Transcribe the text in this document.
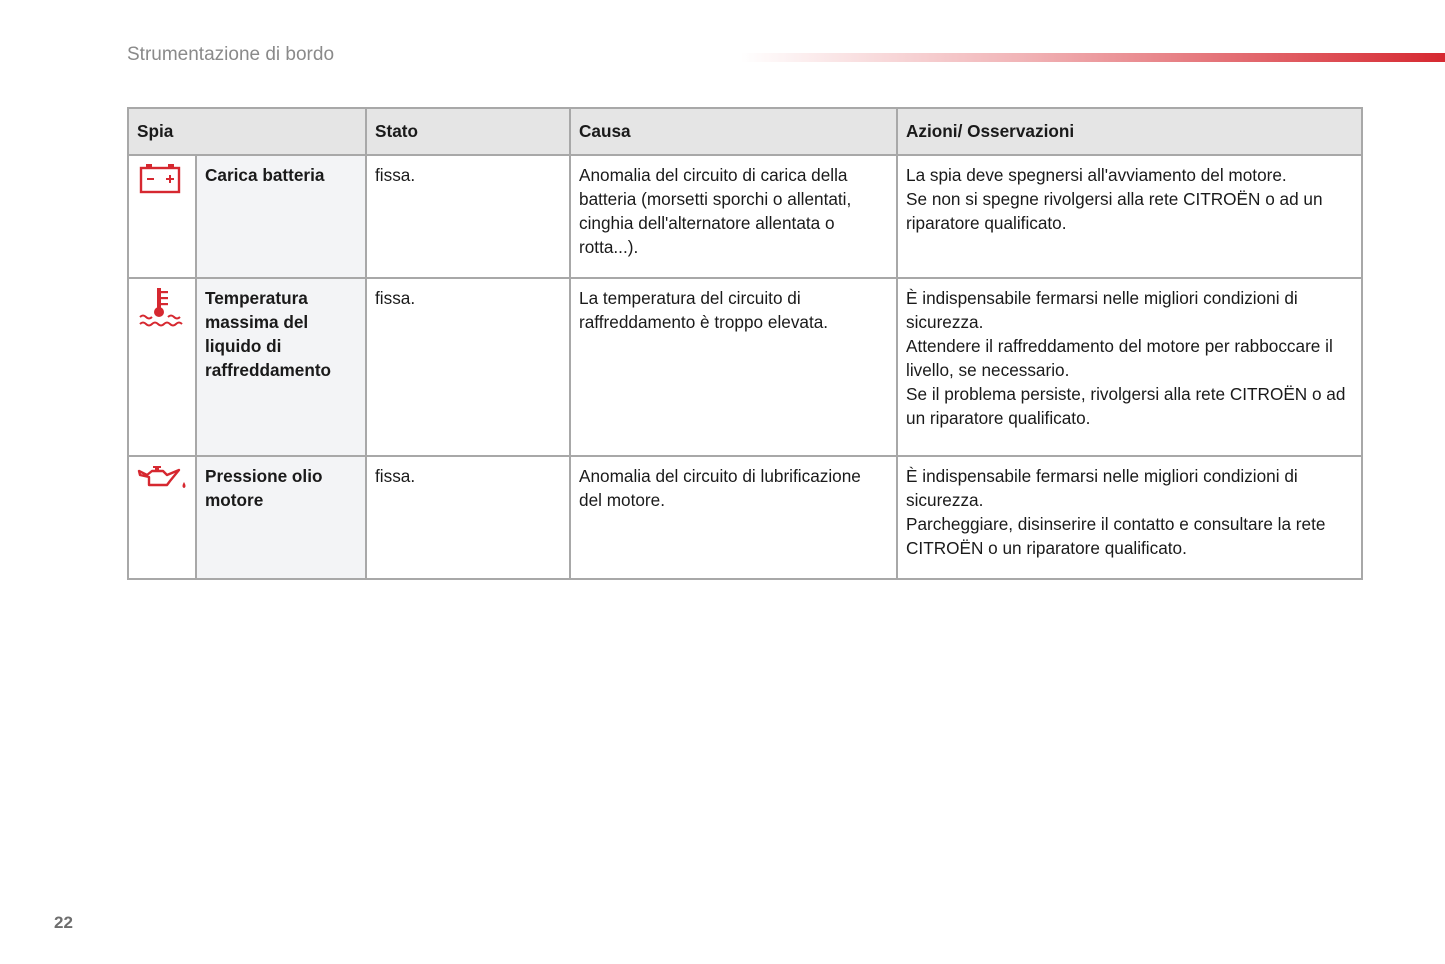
Strumentazione di bordo
Spia		Stato	Causa	Azioni/ Osservazioni

	Carica batteria	fissa.	Anomalia del circuito di carica della batteria (morsetti sporchi o allentati, cinghia dell'alternatore allentata o rotta...).	La spia deve spegnersi all'avviamento del motore.
Se non si spegne rivolgersi alla rete CITROËN o ad un riparatore qualificato.

	Temperatura massima del liquido di raffreddamento	fissa.	La temperatura del circuito di raffreddamento è troppo elevata.	È indispensabile fermarsi nelle migliori condizioni di sicurezza.
Attendere il raffreddamento del motore per rabboccare il livello, se necessario.
Se il problema persiste, rivolgersi alla rete CITROËN o ad un riparatore qualificato.

	Pressione olio motore	fissa.	Anomalia del circuito di lubrificazione del motore.	È indispensabile fermarsi nelle migliori condizioni di sicurezza.
Parcheggiare, disinserire il contatto e consultare la rete CITROËN o un riparatore qualificato.
22
